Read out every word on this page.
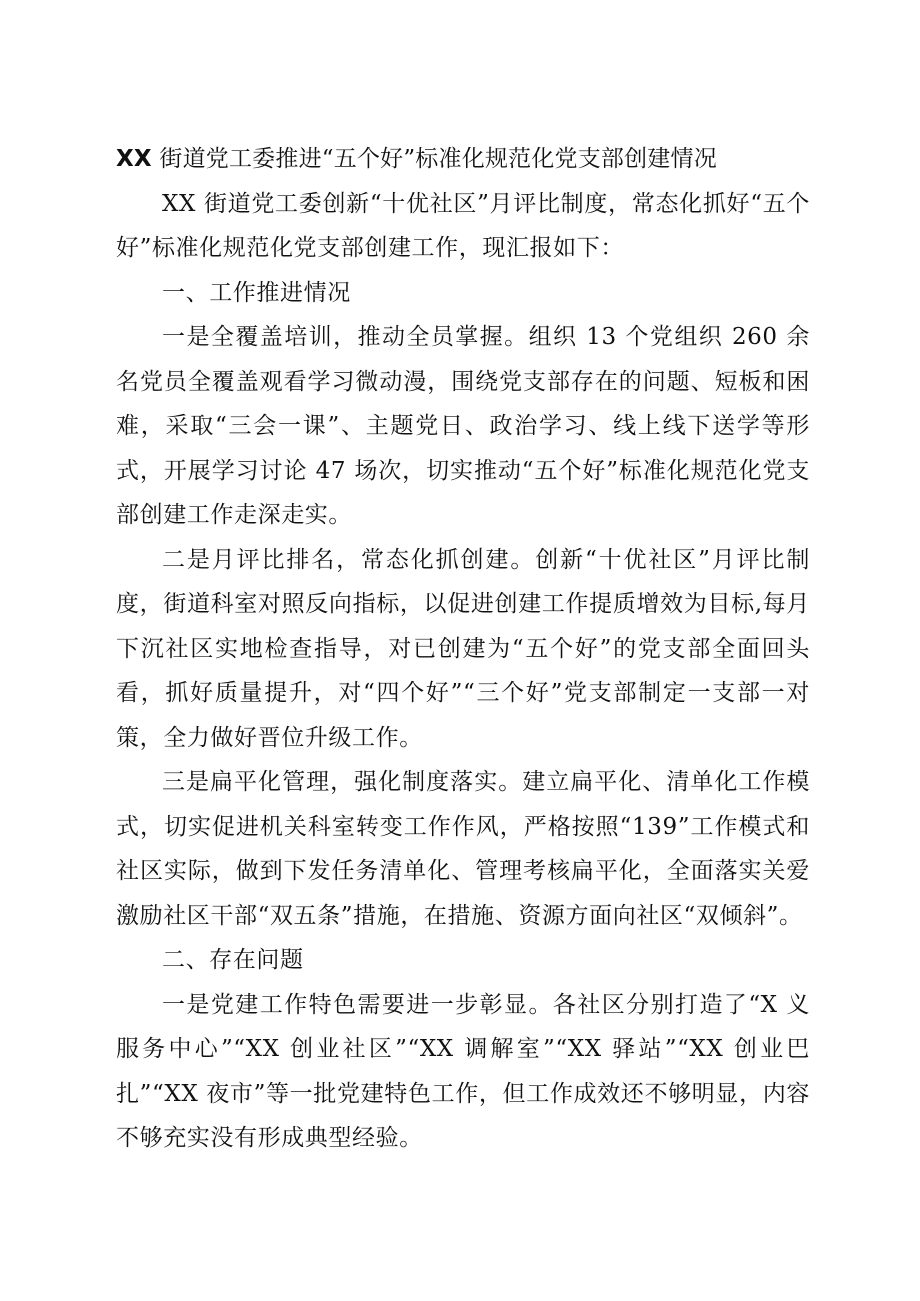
XX 街道党工委推进“五个好”标准化规范化党支部创建情况

XX 街道党工委创新“十优社区”月评比制度，常态化抓好“五个好”标准化规范化党支部创建工作，现汇报如下：

一、工作推进情况

一是全覆盖培训，推动全员掌握。组织 13 个党组织 260 余名党员全覆盖观看学习微动漫，围绕党支部存在的问题、短板和困难，采取“三会一课”、主题党日、政治学习、线上线下送学等形式，开展学习讨论 47 场次，切实推动“五个好”标准化规范化党支部创建工作走深走实。

二是月评比排名，常态化抓创建。创新“十优社区”月评比制度，街道科室对照反向指标，以促进创建工作提质增效为目标,每月下沉社区实地检查指导，对已创建为“五个好”的党支部全面回头看，抓好质量提升，对“四个好”“三个好”党支部制定一支部一对策，全力做好晋位升级工作。

三是扁平化管理，强化制度落实。建立扁平化、清单化工作模式，切实促进机关科室转变工作作风，严格按照“139”工作模式和社区实际，做到下发任务清单化、管理考核扁平化，全面落实关爱激励社区干部“双五条”措施，在措施、资源方面向社区“双倾斜”。

二、存在问题

一是党建工作特色需要进一步彰显。各社区分别打造了“X 义服务中心”“XX 创业社区”“XX 调解室”“XX 驿站”“XX 创业巴扎”“XX 夜市”等一批党建特色工作，但工作成效还不够明显，内容不够充实没有形成典型经验。
